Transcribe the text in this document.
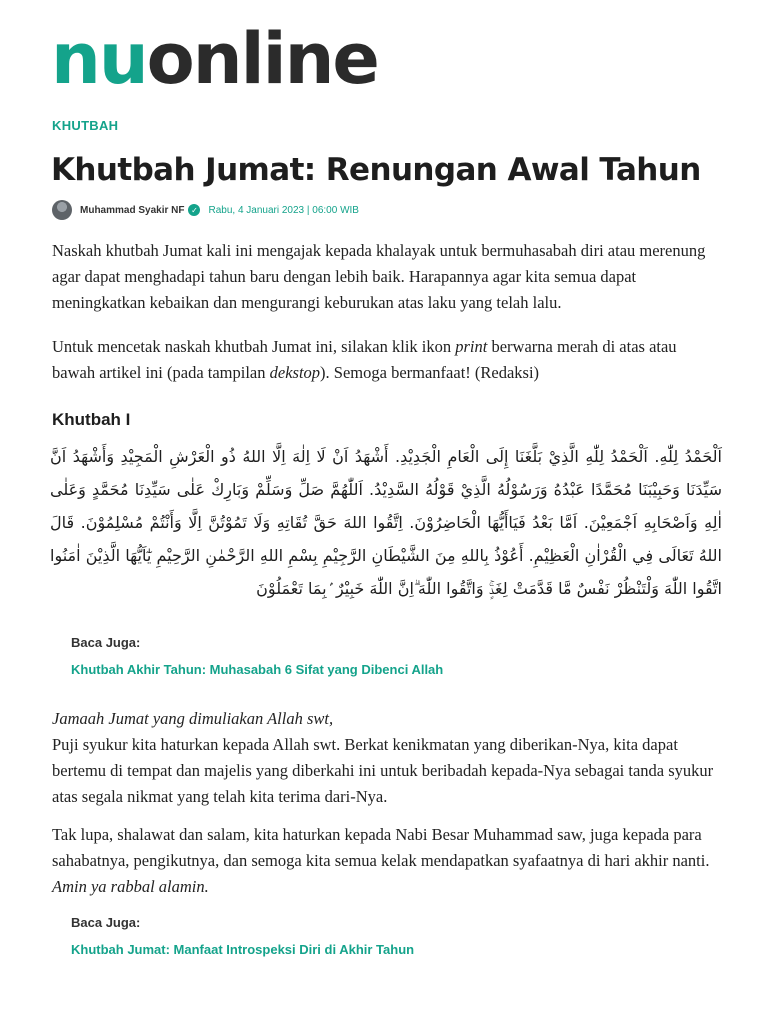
nu online
KHUTBAH
Khutbah Jumat: Renungan Awal Tahun
Muhammad Syakir NF ✓ Rabu, 4 Januari 2023 | 06:00 WIB

Naskah khutbah Jumat kali ini mengajak kepada khalayak untuk bermuhasabah diri atau merenung agar dapat menghadapi tahun baru dengan lebih baik. Harapannya agar kita semua dapat meningkatkan kebaikan dan mengurangi keburukan atas laku yang telah lalu.

Untuk mencetak naskah khutbah Jumat ini, silakan klik ikon print berwarna merah di atas atau bawah artikel ini (pada tampilan dekstop). Semoga bermanfaat! (Redaksi)

Khutbah I

اَلْحَمْدُ لِلّٰهِ. اَلْحَمْدُ لِلّٰهِ الَّذِيْ بَلَّغَنَا إِلَى الْعَامِ الْجَدِيْدِ. أَشْهَدُ اَنْ لَا اِلٰهَ اِلَّا اللهُ ذُو الْعَرْشِ الْمَجِيْدِ وَأَشْهَدُ اَنَّ سَيِّدَنَا وَحَبِيْبَنَا مُحَمَّدًا عَبْدُهُ وَرَسُوْلُهُ الَّذِيْ قَوْلُهُ السَّدِيْدُ. اَللّٰهُمَّ صَلِّ وَسَلِّمْ وَبَارِكْ عَلٰى سَيِّدِنَا مُحَمَّدٍ وَعَلٰى اٰلِهِ وَاَصْحَابِهِ اَجْمَعِيْنَ. اَمَّا بَعْدُ فَيَاأَيُّهَا الْحَاضِرُوْنَ. اِتَّقُوا اللهَ حَقَّ تُقَاتِهِ وَلَا تَمُوْتُنَّ اِلَّا وَأَنْتُمْ مُسْلِمُوْنَ. قَالَ اللهُ تَعَالَى فِي الْقُرْاٰنِ الْعَظِيْمِ. أَعُوْذُ بِاللهِ مِنَ الشَّيْطَانِ الرَّجِيْمِ بِسْمِ اللهِ الرَّحْمٰنِ الرَّحِيْمِ يٰٓاَيُّهَا الَّذِيْنَ اٰمَنُوا اتَّقُوا اللّٰهَ وَلْتَنْظُرْ نَفْسٌ مَّا قَدَّمَتْ لِغَدٍۚ وَاتَّقُوا اللّٰهَ ۗاِنَّ اللّٰهَ خَبِيْرٌ ۢبِمَا تَعْمَلُوْنَ

Baca Juga:

Khutbah Akhir Tahun: Muhasabah 6 Sifat yang Dibenci Allah

Jamaah Jumat yang dimuliakan Allah swt,
Puji syukur kita haturkan kepada Allah swt. Berkat kenikmatan yang diberikan-Nya, kita dapat bertemu di tempat dan majelis yang diberkahi ini untuk beribadah kepada-Nya sebagai tanda syukur atas segala nikmat yang telah kita terima dari-Nya.

Tak lupa, shalawat dan salam, kita haturkan kepada Nabi Besar Muhammad saw, juga kepada para sahabatnya, pengikutnya, dan semoga kita semua kelak mendapatkan syafaatnya di hari akhir nanti. Amin ya rabbal alamin.

Baca Juga:

Khutbah Jumat: Manfaat Introspeksi Diri di Akhir Tahun
